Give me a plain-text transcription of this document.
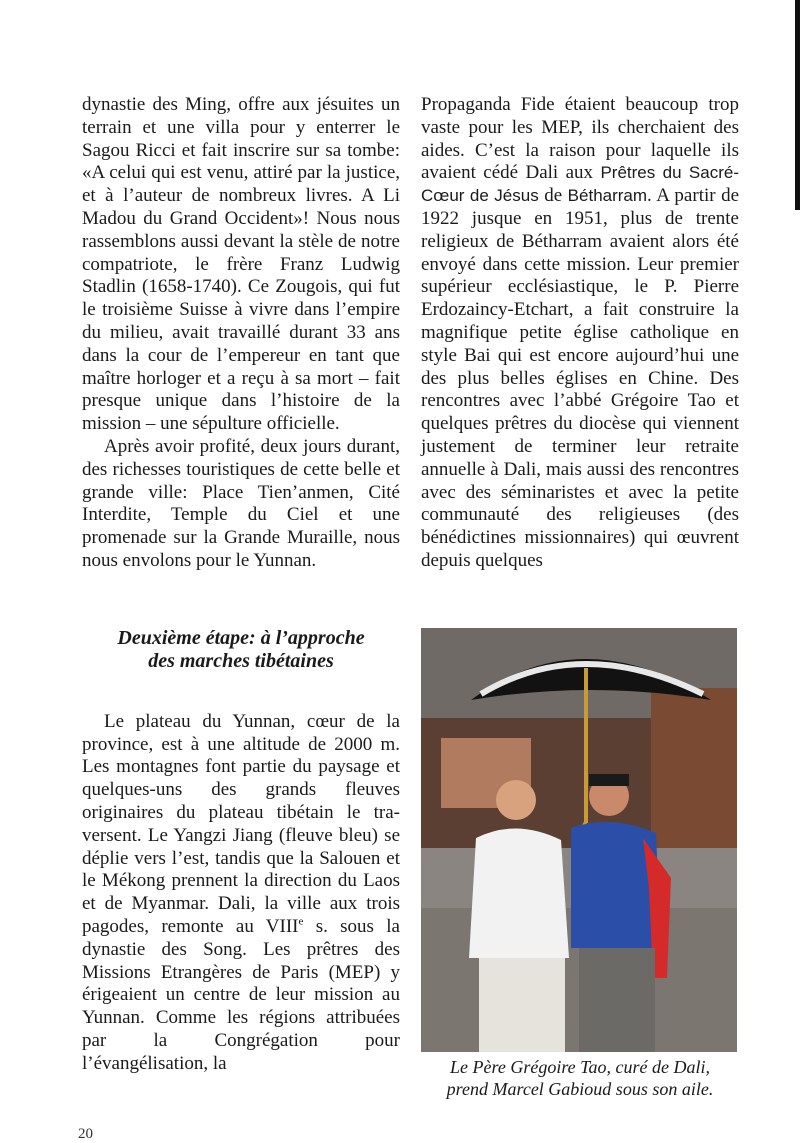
dynastie des Ming, offre aux jésuites un terrain et une villa pour y enterrer le Sagou Ricci et fait inscrire sur sa tombe: «A celui qui est venu, attiré par la justice, et à l’auteur de nombreux livres. A Li Madou du Grand Occident»! Nous nous rassemblons aussi devant la stèle de notre compatriote, le frère Franz Ludwig Stadlin (1658-1740). Ce Zougois, qui fut le troisième Suisse à vivre dans l’empire du milieu, avait travaillé durant 33 ans dans la cour de l’empereur en tant que maître horloger et a reçu à sa mort – fait presque unique dans l’histoire de la mission – une sépulture officielle.

Après avoir profité, deux jours durant, des richesses touristiques de cette belle et grande ville: Place Tien’anmen, Cité Interdite, Temple du Ciel et une promenade sur la Grande Muraille, nous nous envolons pour le Yunnan.

Deuxième étape: à l’approche
des marches tibétaines

Le plateau du Yunnan, cœur de la province, est à une altitude de 2000 m. Les montagnes font partie du paysage et quelques-uns des grands fleuves originaires du plateau tibétain le traversent. Le Yangzi Jiang (fleuve bleu) se déplie vers l’est, tandis que la Salouen et le Mékong prennent la direction du Laos et de Myanmar. Dali, la ville aux trois pagodes, remonte au VIIIe s. sous la dynastie des Song. Les prêtres des Missions Etrangères de Paris (MEP) y érigeaient un centre de leur mission au Yunnan. Comme les régions attribuées par la Congrégation pour l’évangélisation, la

Propaganda Fide étaient beaucoup trop vaste pour les MEP, ils cherchaient des aides. C’est la raison pour laquelle ils avaient cédé Dali aux Prêtres du Sacré-Cœur de Jésus de Bétharram. A partir de 1922 jusque en 1951, plus de trente religieux de Bétharram avaient alors été envoyé dans cette mission. Leur premier supérieur ecclésiastique, le P. Pierre Erdozaincy-Etchart, a fait construire la magnifique petite église catholique en style Bai qui est encore aujourd’hui une des plus belles églises en Chine. Des rencontres avec l’abbé Grégoire Tao et quelques prêtres du diocèse qui viennent justement de terminer leur retraite annuelle à Dali, mais aussi des rencontres avec des séminaristes et avec la petite communauté des religieuses (des bénédictines missionnaires) qui œuvrent depuis quelques

Le Père Grégoire Tao, curé de Dali,
prend Marcel Gabioud sous son aile.
20
